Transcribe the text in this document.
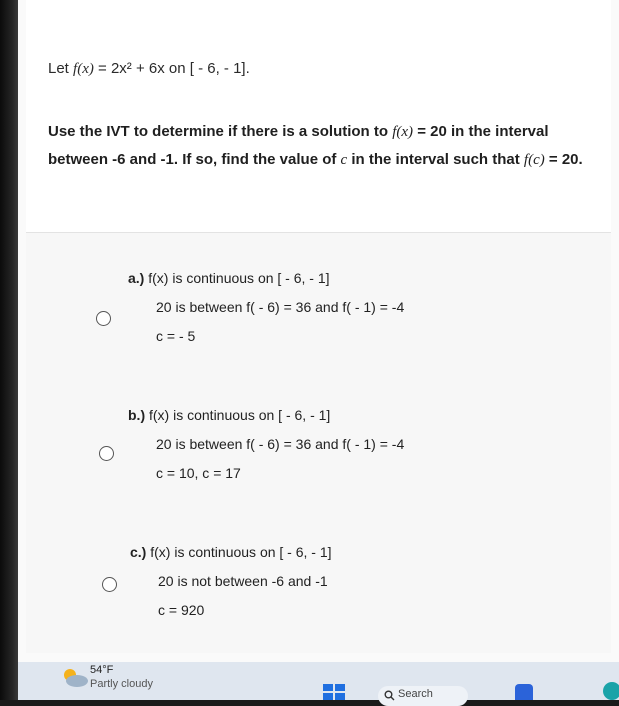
Let f(x) = 2x² + 6x on [ - 6, - 1].
Use the IVT to determine if there is a solution to f(x) = 20 in the interval between -6 and -1. If so, find the value of c in the interval such that f(c) = 20.
a.) f(x) is continuous on [ - 6, - 1]
20 is between f( - 6) = 36 and f( - 1) = -4
c = - 5
b.) f(x) is continuous on [ - 6, - 1]
20 is between f( - 6) = 36 and f( - 1) = -4
c = 10, c = 17
c.) f(x) is continuous on [ - 6, - 1]
20 is not between -6 and -1
c = 920
54°F
Partly cloudy
Search
